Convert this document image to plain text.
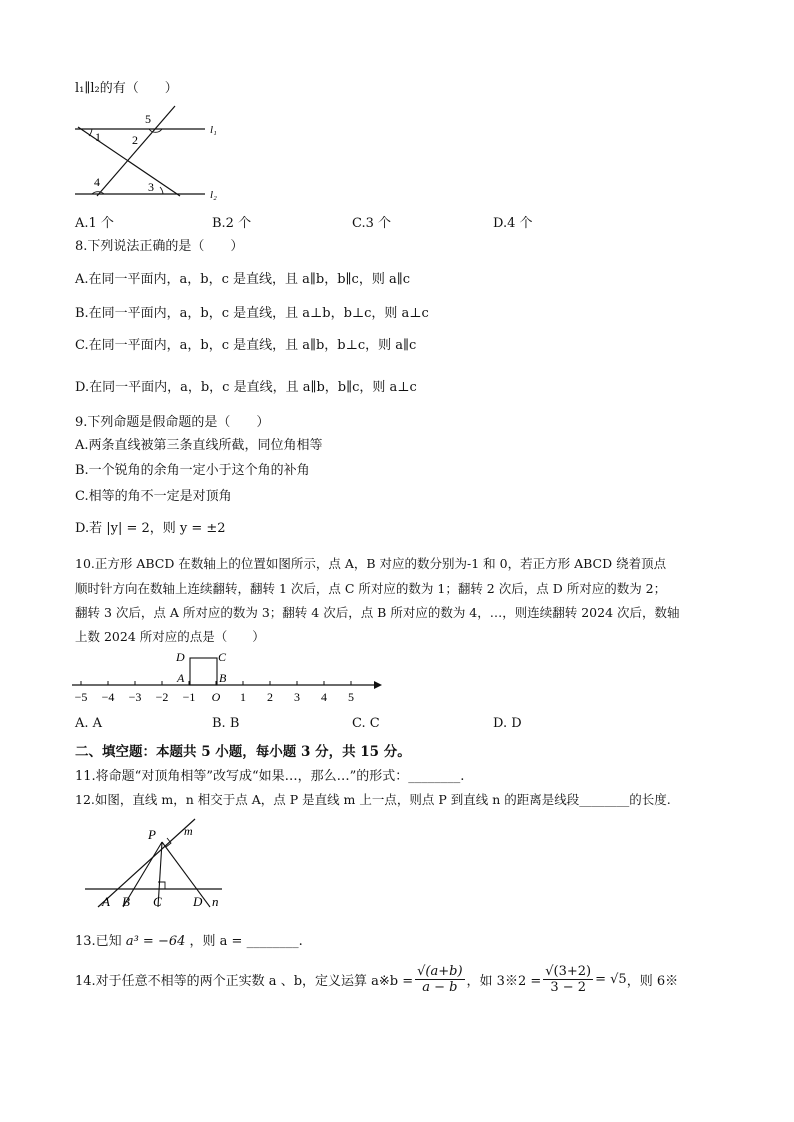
l₁∥l₂的有（　　）
1	2
3
4
5
l₁
l₂
A.1 个	B.2 个	C.3 个	D.4 个
8.下列说法正确的是（　　）
A.在同一平面内，a，b，c 是直线，且 a∥b，b∥c，则 a∥c
B.在同一平面内，a，b，c 是直线，且 a⊥b，b⊥c，则 a⊥c
C.在同一平面内，a，b，c 是直线，且 a∥b，b⊥c，则 a∥c
D.在同一平面内，a，b，c 是直线，且 a∥b，b∥c，则 a⊥c
9.下列命题是假命题的是（　　）
A.两条直线被第三条直线所截，同位角相等
B.一个锐角的余角一定小于这个角的补角
C.相等的角不一定是对顶角
D.若 |y| = 2，则 y = ±2
10.正方形 ABCD 在数轴上的位置如图所示，点 A，B 对应的数分别为-1 和 0，若正方形 ABCD 绕着顶点
顺时针方向在数轴上连续翻转，翻转 1 次后，点 C 所对应的数为 1；翻转 2 次后，点 D 所对应的数为 2；
翻转 3 次后，点 A 所对应的数为 3；翻转 4 次后，点 B 所对应的数为 4，…，则连续翻转 2024 次后，数轴
上数 2024 所对应的点是（　　）
−5 −4 −3 −2 −1 O 1 2 3 4 5
D	C
A	B
A. A	B. B	C. C	D. D
二、填空题：本题共 5 小题，每小题 3 分，共 15 分。
11.将命题“对顶角相等”改写成“如果…，那么…”的形式：________.
12.如图，直线 m，n 相交于点 A，点 P 是直线 m 上一点，则点 P 到直线 n 的距离是线段________的长度.
P m
A B C D n
13.已知 a³ = −64 ，则 a = ________.
14.对于任意不相等的两个正实数 a 、b，定义运算 a※b = $\frac{√(a+b)}{a - b}$ ，如 3※2 = $\frac{√(3+2)}{3 - 2} = √5$ ，则 6※
